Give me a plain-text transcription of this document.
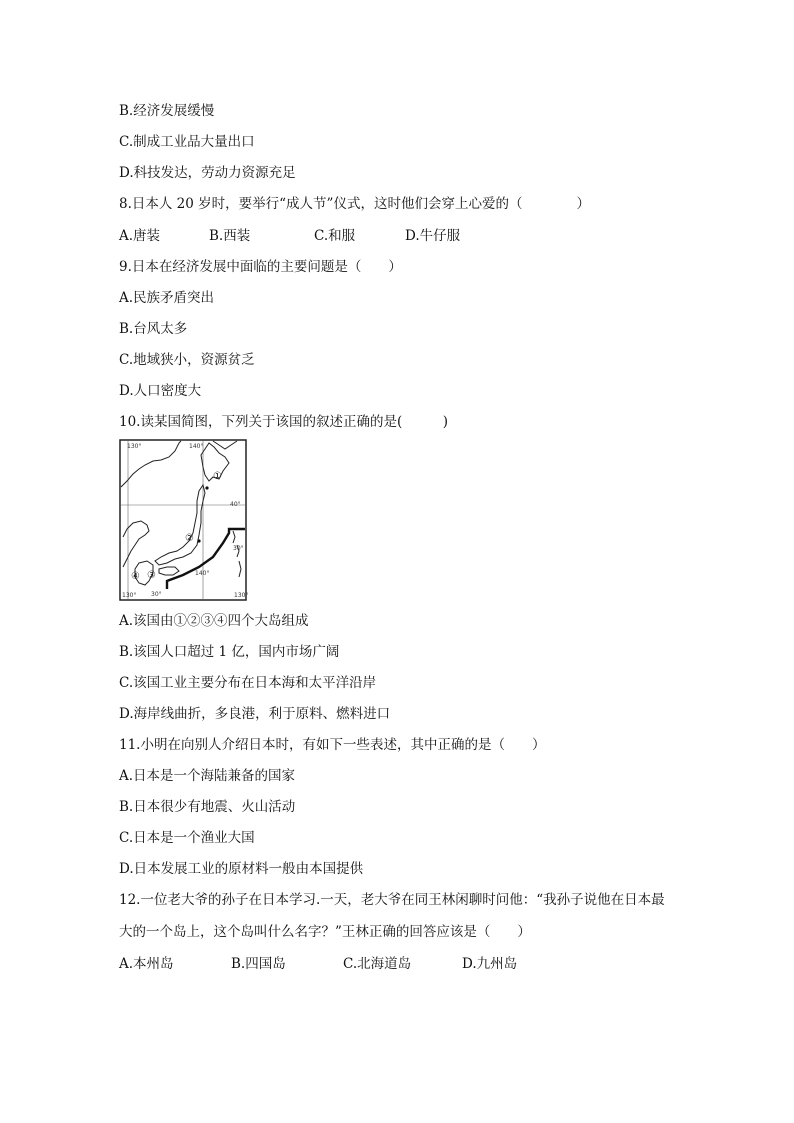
B.经济发展缓慢
C.制成工业品大量出口
D.科技发达，劳动力资源充足
8.日本人 20 岁时，要举行“成人节”仪式，这时他们会穿上心爱的（　　　　）
A.唐装	B.西装	C.和服	D.牛仔服
9.日本在经济发展中面临的主要问题是（　　）
A.民族矛盾突出
B.台风太多
C.地域狭小，资源贫乏
D.人口密度大
10.读某国简图，下列关于该国的叙述正确的是(　　　)
130°	140°
40°
30°
140°
130° 30°	130°
①
②
③
④
A.该国由①②③④四个大岛组成
B.该国人口超过 1 亿，国内市场广阔
C.该国工业主要分布在日本海和太平洋沿岸
D.海岸线曲折，多良港，利于原料、燃料进口
11.小明在向别人介绍日本时，有如下一些表述，其中正确的是（　　）
A.日本是一个海陆兼备的国家
B.日本很少有地震、火山活动
C.日本是一个渔业大国
D.日本发展工业的原材料一般由本国提供
12.一位老大爷的孙子在日本学习.一天，老大爷在同王林闲聊时问他：“我孙子说他在日本最
大的一个岛上，这个岛叫什么名字？”王林正确的回答应该是（　　）
A.本州岛	B.四国岛	C.北海道岛	D.九州岛
